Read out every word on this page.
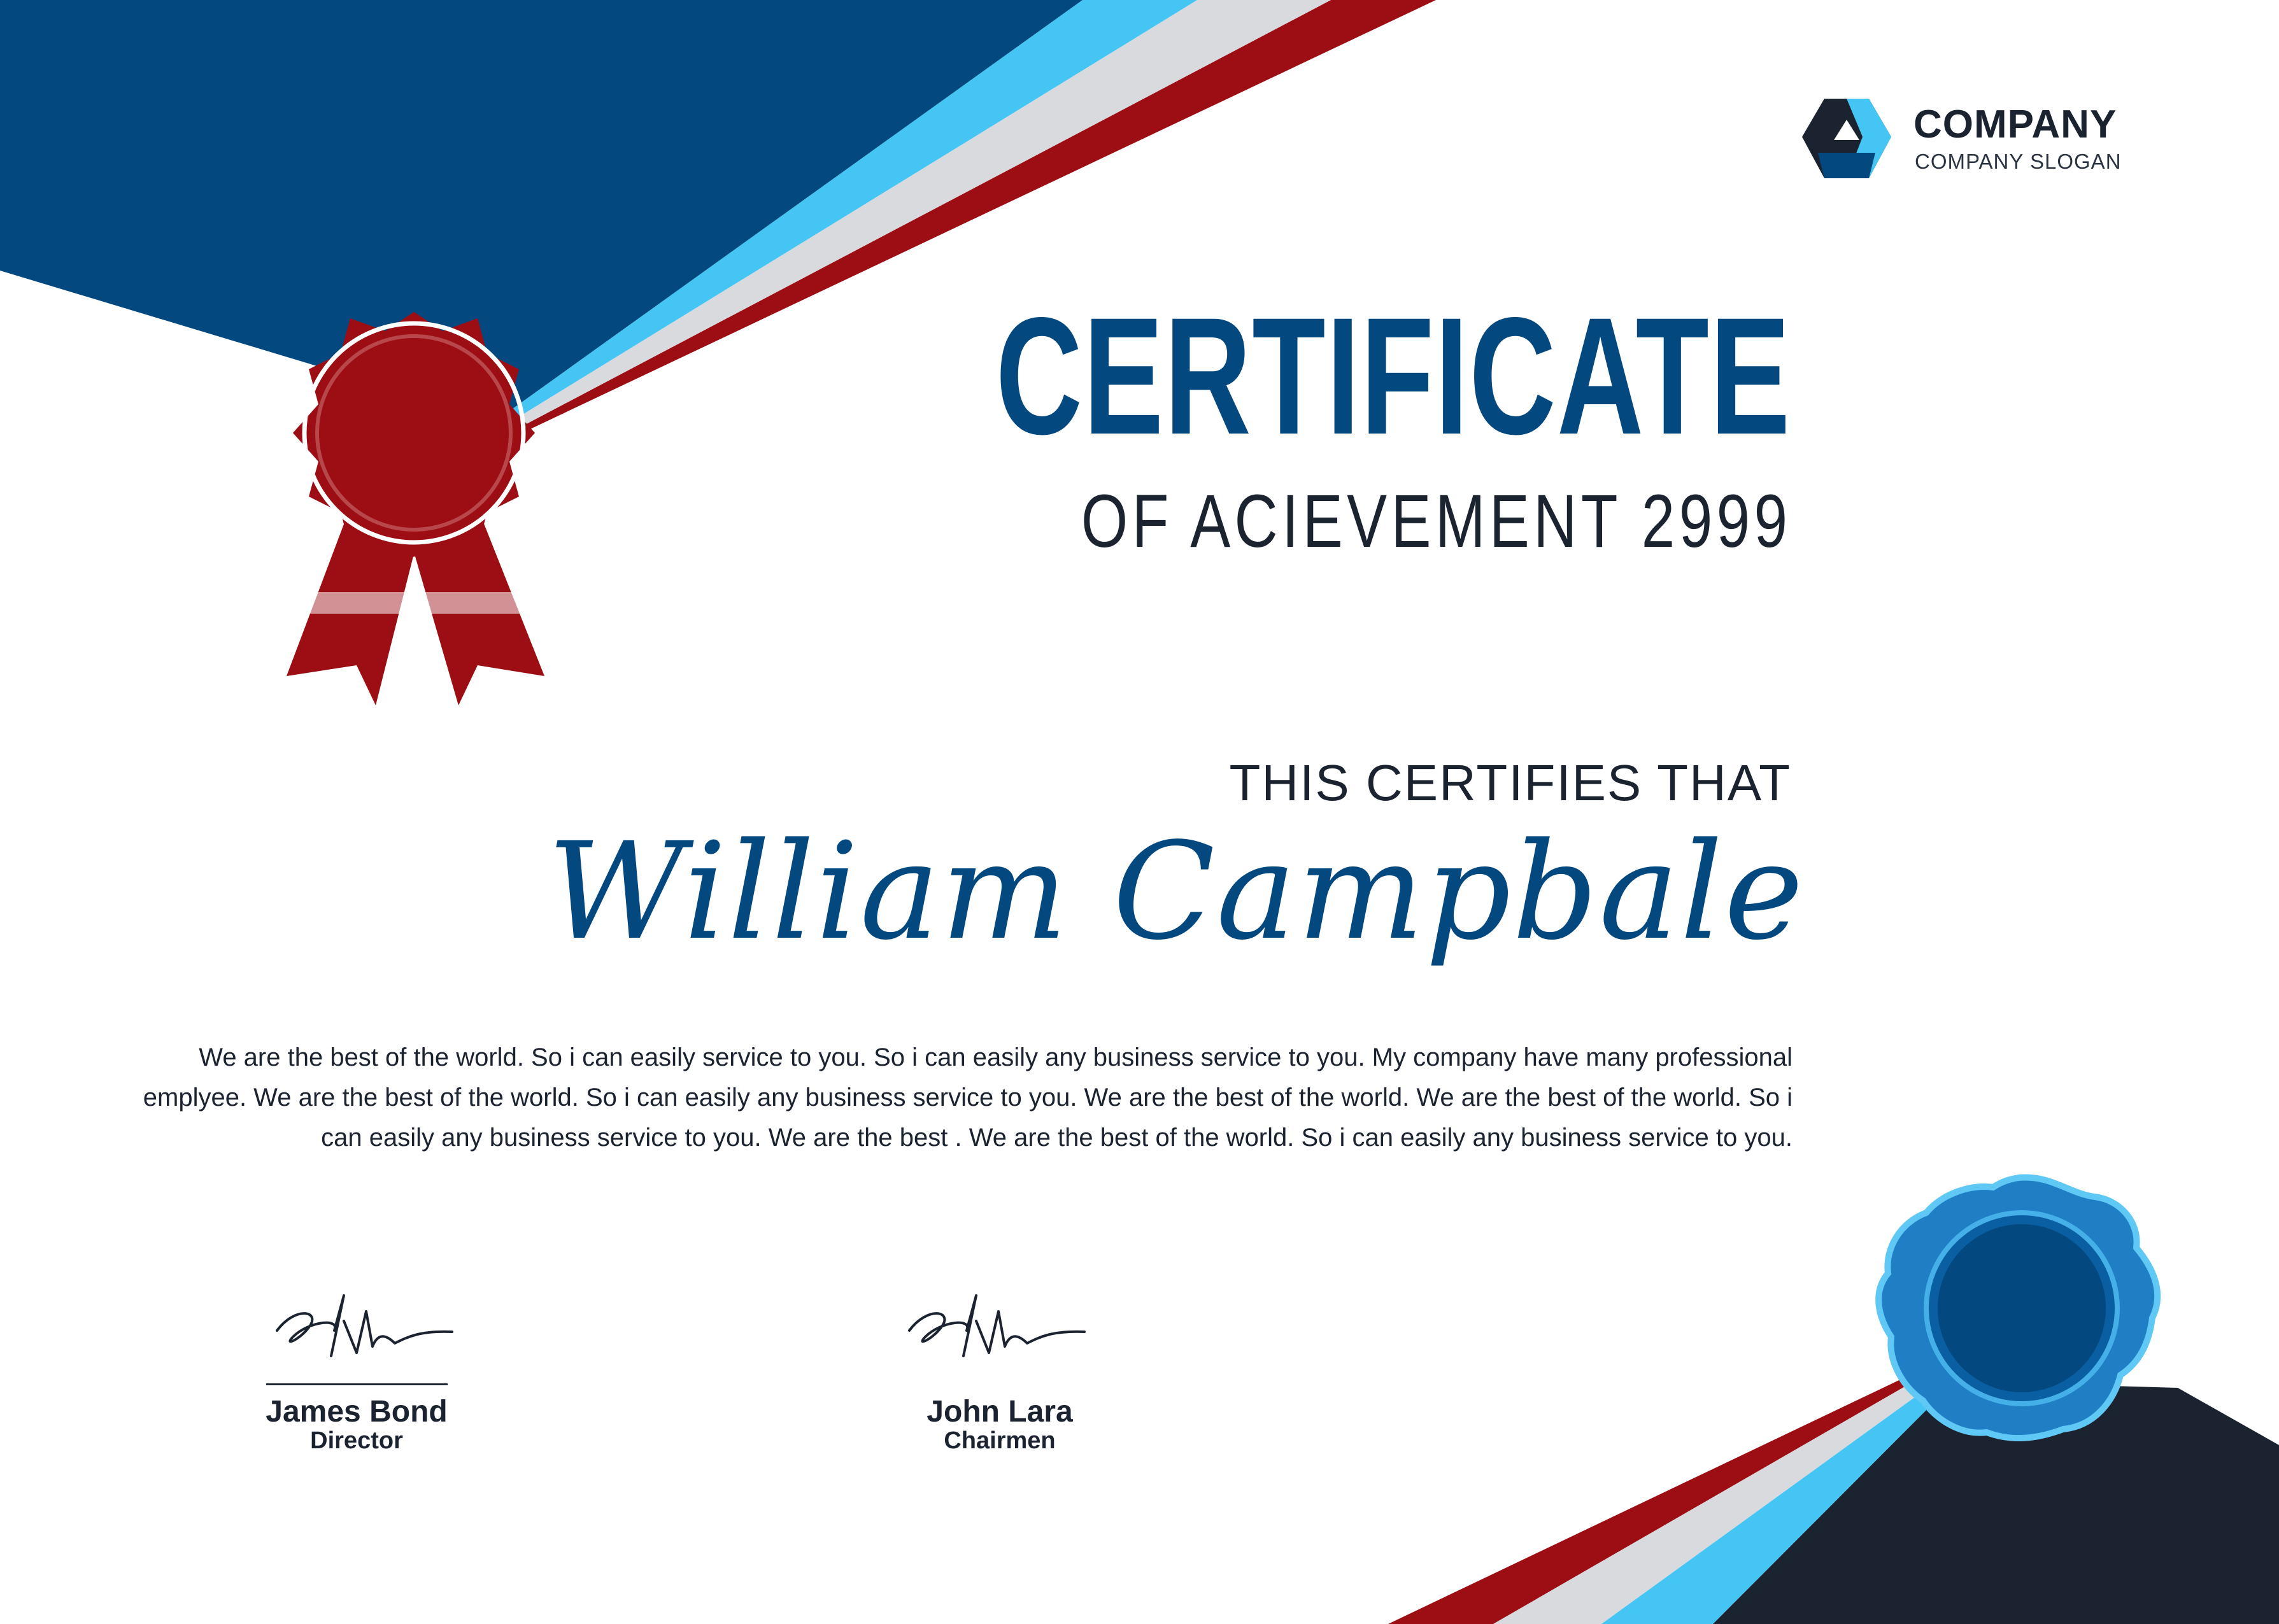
COMPANY
COMPANY SLOGAN
CERTIFICATE
OF ACIEVEMENT 2999
THIS CERTIFIES THAT
William Campbale
We are the best of the world. So i can easily service to you. So i can easily any business service to you. My company have many professional emplyee. We are the best of the world. So i can easily any business service to you. We are the best of the world. We are the best of the world. So i can easily any business service to you. We are the best . We are the best of the world. So i can easily any business service to you.
James Bond
Director
John Lara
Chairmen
